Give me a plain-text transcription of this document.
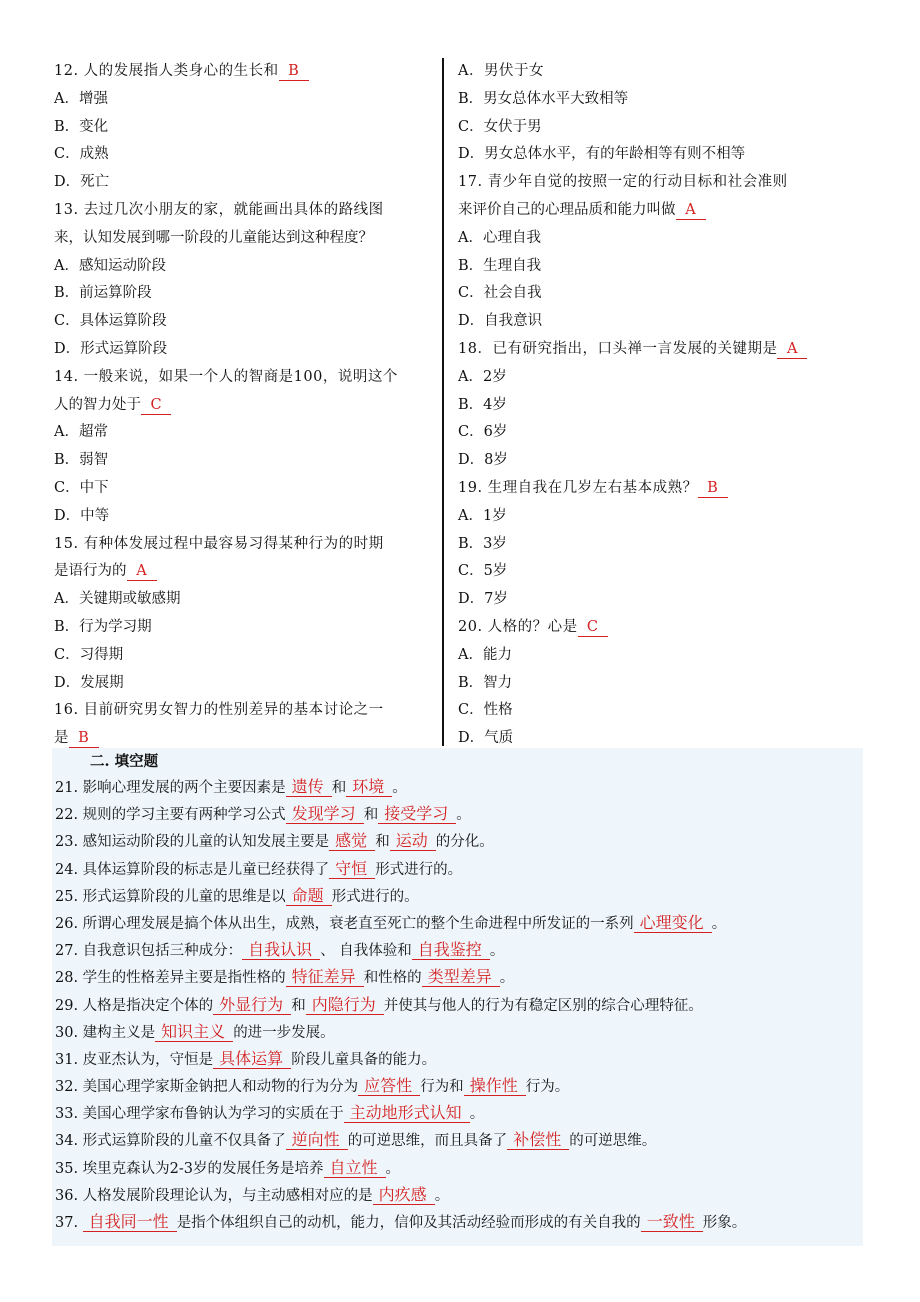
12. 人的发展指人类身心的生长和 B
A．增强
B．变化
C．成熟
D．死亡
13. 去过几次小朋友的家，就能画出具体的路线图
来，认知发展到哪一阶段的儿童能达到这种程度？
A．感知运动阶段
B．前运算阶段
C．具体运算阶段
D．形式运算阶段
14. 一般来说，如果一个人的智商是100，说明这个
人的智力处于 C
A．超常
B．弱智
C．中下
D．中等
15. 有种体发展过程中最容易习得某种行为的时期
是语行为的 A
A．关键期或敏感期
B．行为学习期
C．习得期
D．发展期
16. 目前研究男女智力的性别差异的基本讨论之一
是 B
A．男伏于女
B．男女总体水平大致相等
C．女伏于男
D．男女总体水平，有的年龄相等有则不相等
17. 青少年自觉的按照一定的行动目标和社会准则
来评价自己的心理品质和能力叫做 A
A．心理自我
B．生理自我
C．社会自我
D．自我意识
18．已有研究指出，口头禅一言发展的关键期是 A
A．2岁
B．4岁
C．6岁
D．8岁
19. 生理自我在几岁左右基本成熟？ B
A．1岁
B．3岁
C．5岁
D．7岁
20. 人格的？心是 C
A．能力
B．智力
C．性格
D．气质
二. 填空题
21. 影响心理发展的两个主要因素是 遗传 和 环境 。
22. 规则的学习主要有两种学习公式 发现学习 和 接受学习 。
23. 感知运动阶段的儿童的认知发展主要是 感觉 和 运动 的分化。
24. 具体运算阶段的标志是儿童已经获得了 守恒 形式进行的。
25. 形式运算阶段的儿童的思维是以 命题 形式进行的。
26. 所谓心理发展是搞个体从出生，成熟，衰老直至死亡的整个生命进程中所发证的一系列 心理变化 。
27. 自我意识包括三种成分： 自我认识 、 自我体验和 自我鉴控 。
28. 学生的性格差异主要是指性格的 特征差异 和性格的 类型差异 。
29. 人格是指决定个体的 外显行为 和 内隐行为 并使其与他人的行为有稳定区别的综合心理特征。
30. 建构主义是 知识主义 的进一步发展。
31. 皮亚杰认为，守恒是 具体运算 阶段儿童具备的能力。
32. 美国心理学家斯金钠把人和动物的行为分为 应答性 行为和 操作性 行为。
33. 美国心理学家布鲁钠认为学习的实质在于 主动地形式认知 。
34. 形式运算阶段的儿童不仅具备了 逆向性 的可逆思维，而且具备了 补偿性 的可逆思维。
35. 埃里克森认为2-3岁的发展任务是培养 自立性 。
36. 人格发展阶段理论认为，与主动感相对应的是 内疚感 。
37. 自我同一性 是指个体组织自己的动机，能力，信仰及其活动经验而形成的有关自我的 一致性 形象。
